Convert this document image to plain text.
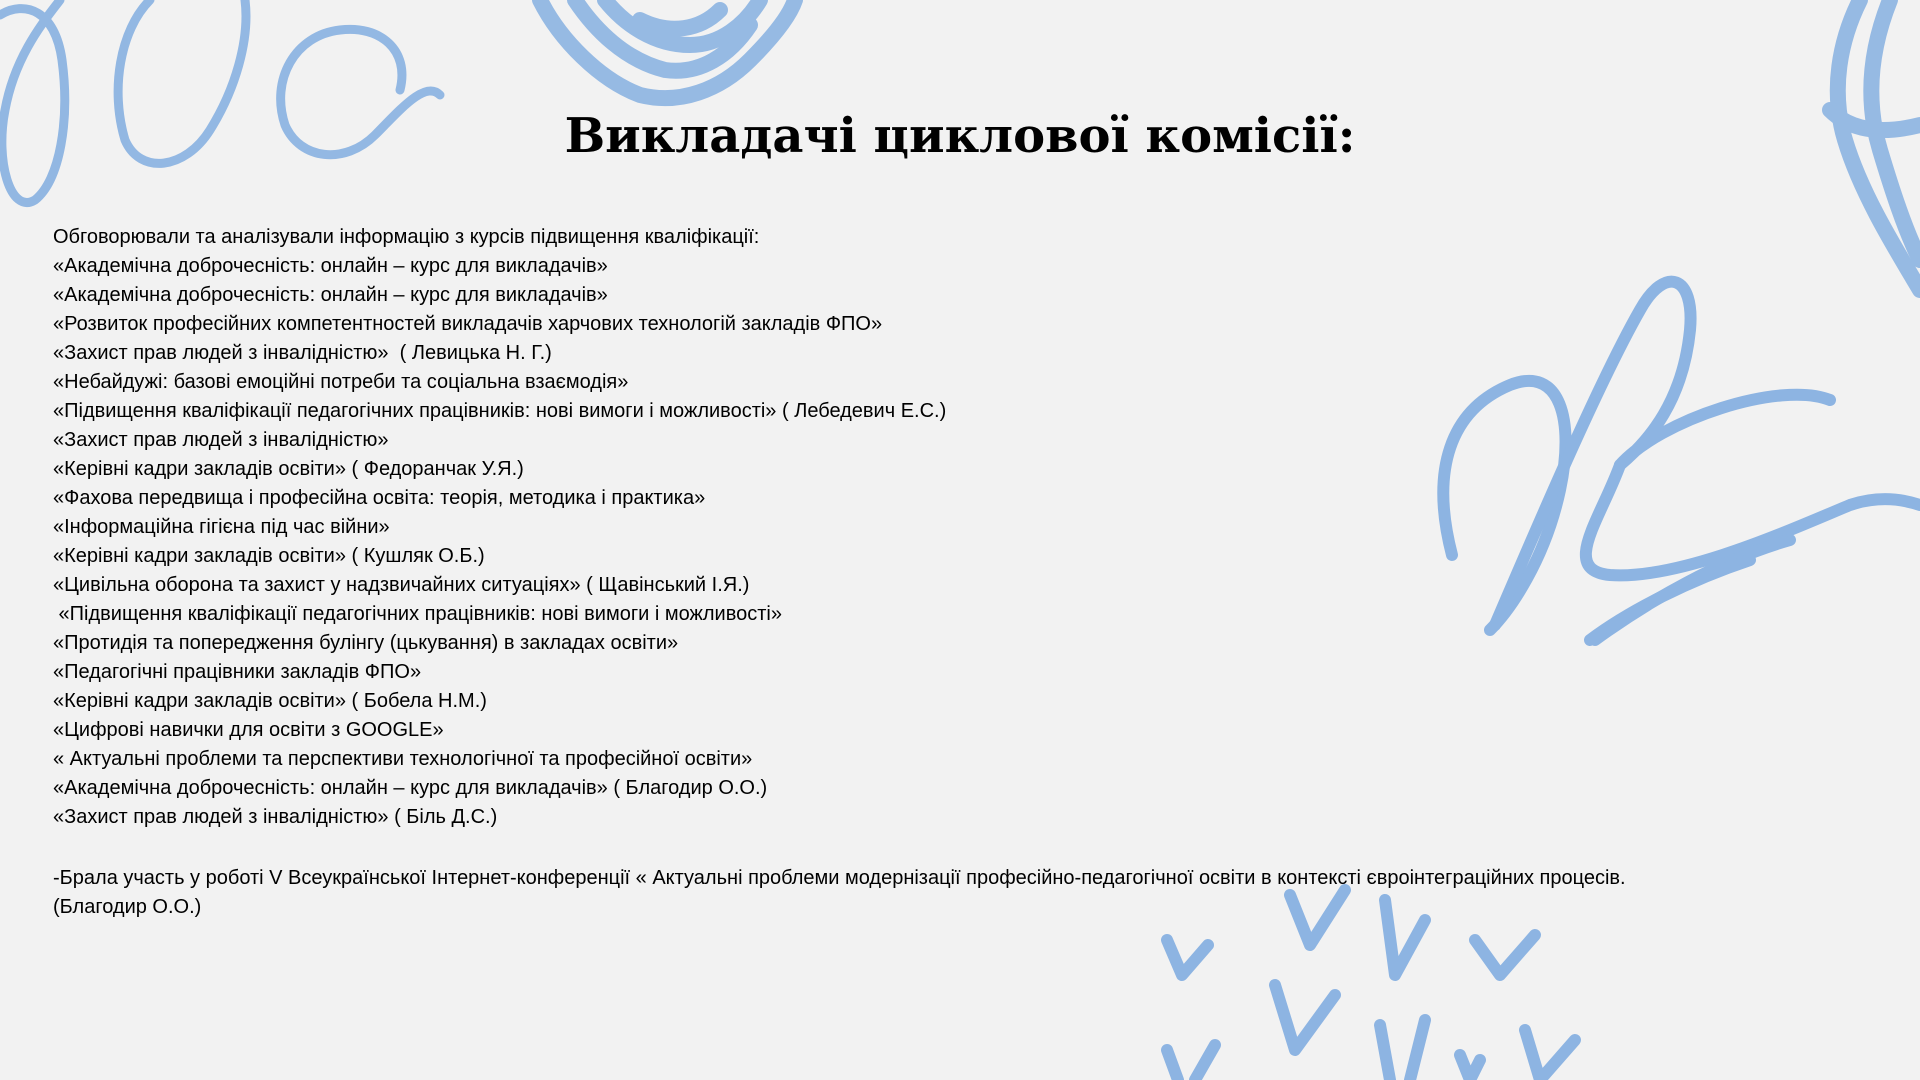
Викладачі циклової комісії:
Обговорювали та аналізували інформацію з курсів підвищення кваліфікації:
«Академічна доброчесність: онлайн – курс для викладачів»
«Академічна доброчесність: онлайн – курс для викладачів»
«Розвиток професійних компетентностей викладачів харчових технологій закладів ФПО»
«Захист прав людей з інвалідністю»  ( Левицька Н. Г.)
«Небайдужі: базові емоційні потреби та соціальна взаємодія»
«Підвищення кваліфікації педагогічних працівників: нові вимоги і можливості» ( Лебедевич Е.С.)
«Захист прав людей з інвалідністю»
«Керівні кадри закладів освіти» ( Федоранчак У.Я.)
«Фахова передвища і професійна освіта: теорія, методика і практика»
«Інформаційна гігієна під час війни»
«Керівні кадри закладів освіти» ( Кушляк О.Б.)
«Цивільна оборона та захист у надзвичайних ситуаціях» ( Щавінський І.Я.)
«Підвищення кваліфікації педагогічних працівників: нові вимоги і можливості»
«Протидія та попередження булінгу (цькування) в закладах освіти»
«Педагогічні працівники закладів ФПО»
«Керівні кадри закладів освіти» ( Бобела Н.М.)
«Цифрові навички для освіти з GOOGLE»
« Актуальні проблеми та перспективи технологічної та професійної освіти»
«Академічна доброчесність: онлайн – курс для викладачів» ( Благодир О.О.)
«Захист прав людей з інвалідністю» ( Біль Д.С.)
-Брала участь у роботі V Всеукраїнської Інтернет-конференції « Актуальні проблеми модернізації професійно-педагогічної освіти в контексті євроінтеграційних процесів.
(Благодир О.О.)
